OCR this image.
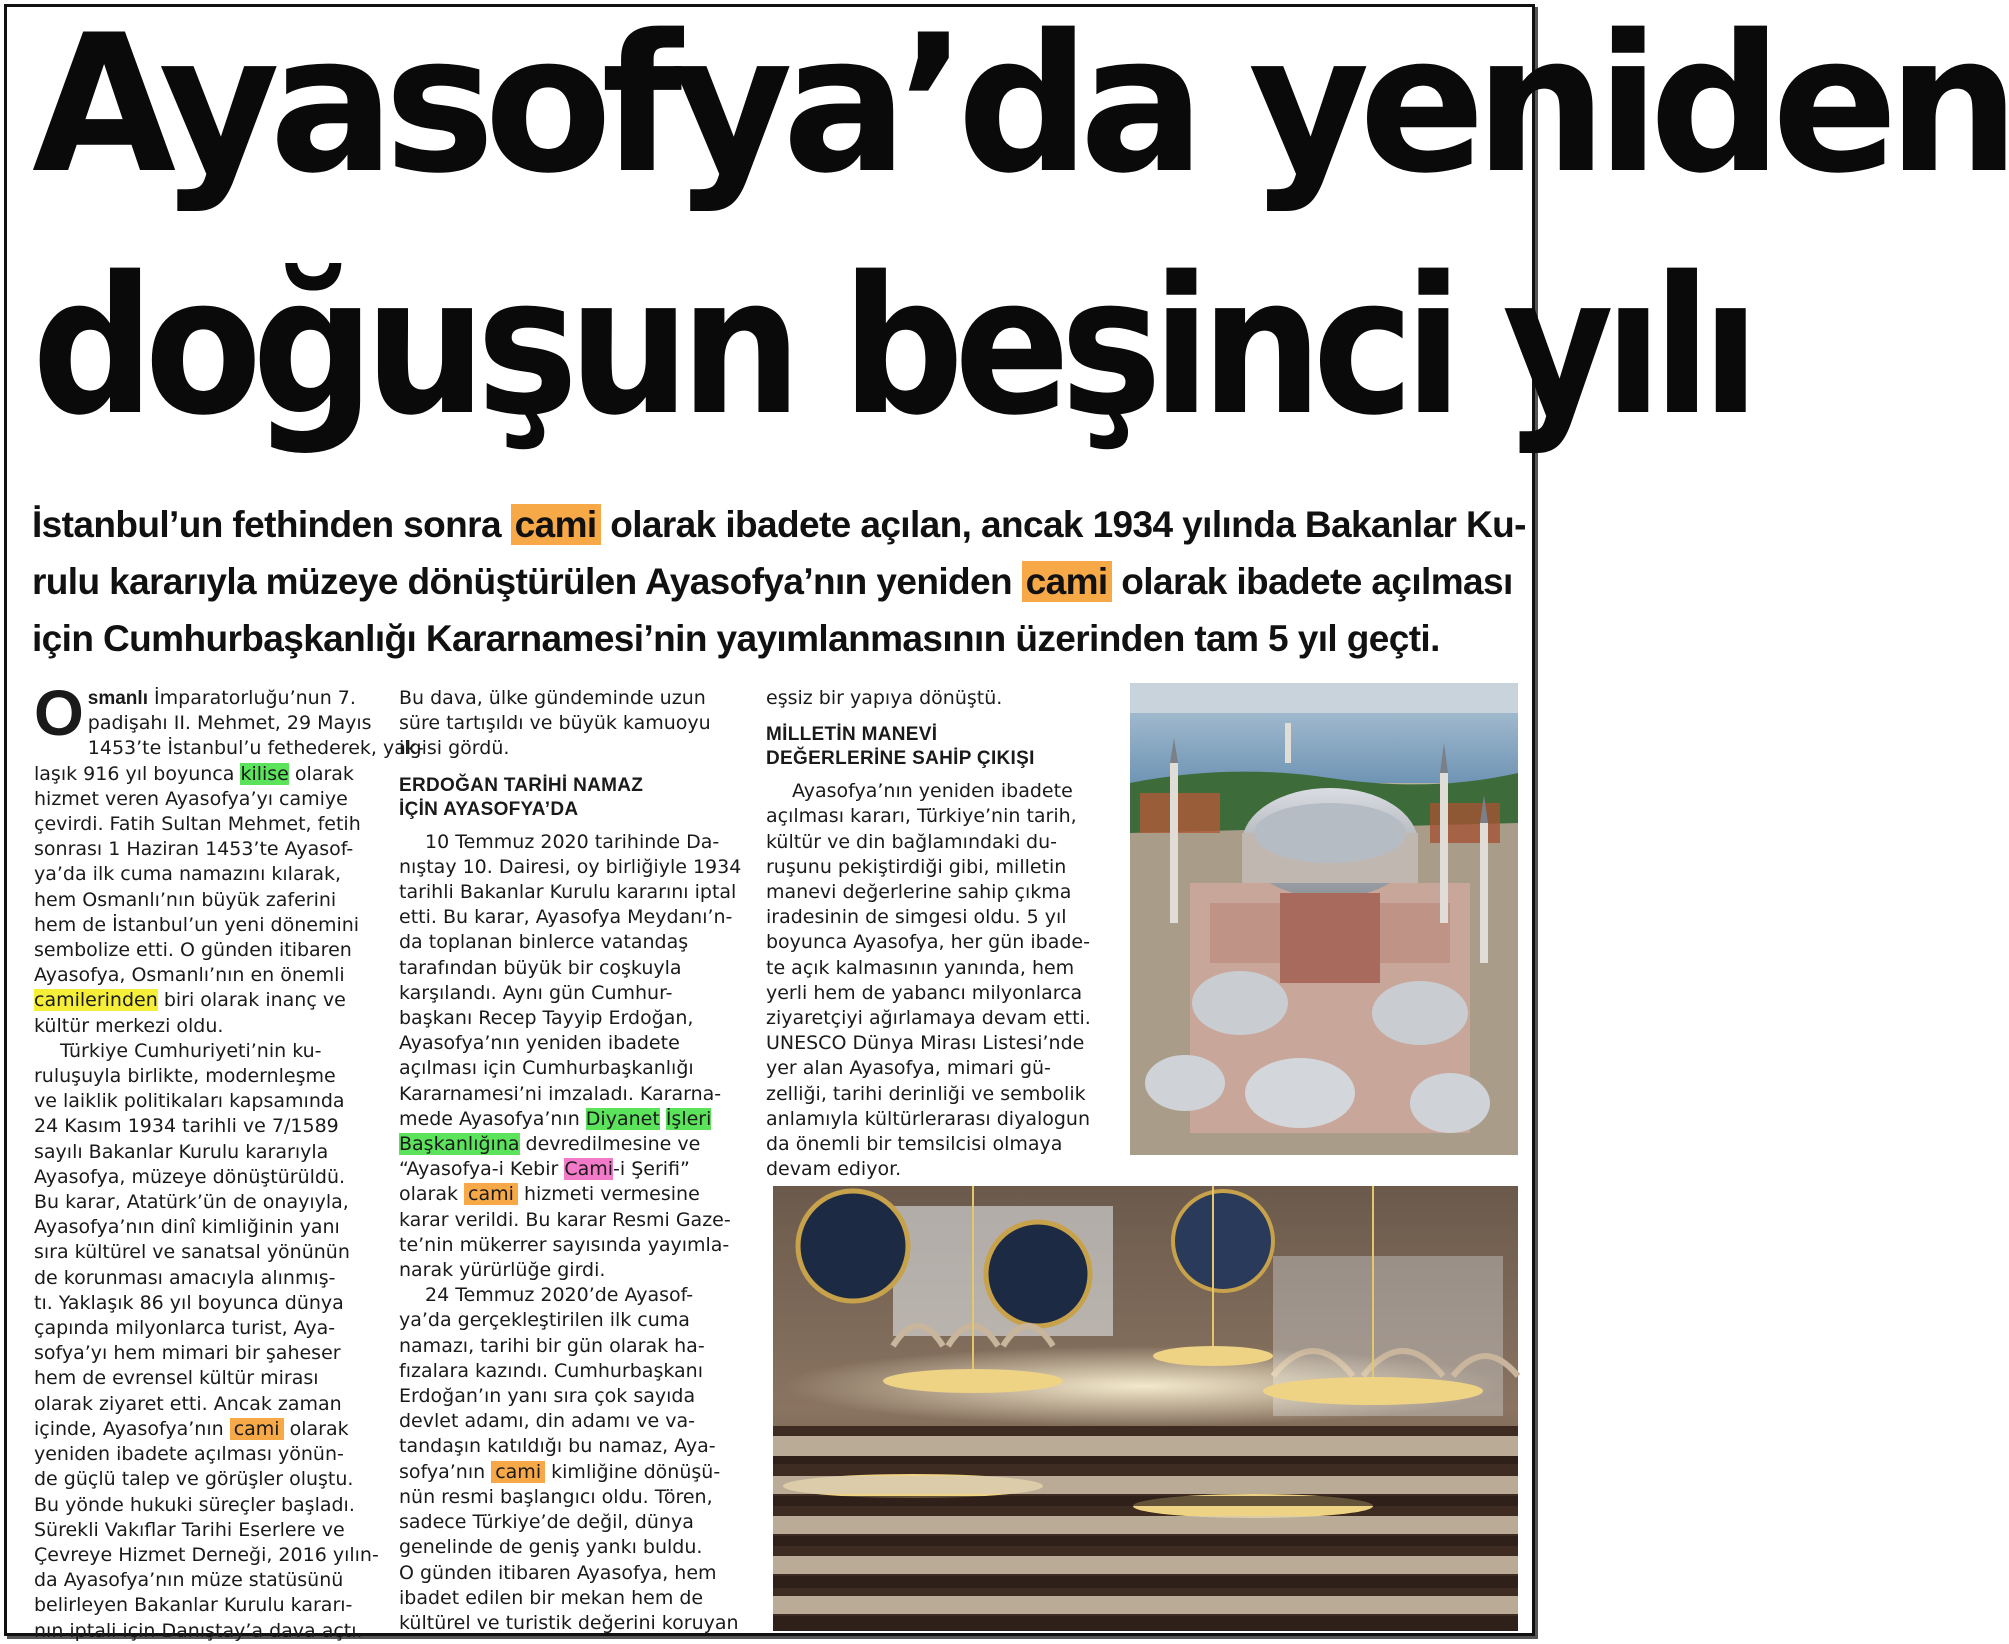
Ayasofya’da yeniden
doğuşun beşinci yılı
İstanbul’un fethinden sonra cami olarak ibadete açılan, ancak 1934 yılında Bakanlar Ku-
rulu kararıyla müzeye dönüştürülen Ayasofya’nın yeniden cami olarak ibadete açılması
için Cumhurbaşkanlığı Kararnamesi’nin yayımlanmasının üzerinden tam 5 yıl geçti.
O smanlı İmparatorluğu’nun 7.
padişahı II. Mehmet, 29 Mayıs
1453’te İstanbul’u fethederek, yak-
laşık 916 yıl boyunca kilise olarak
hizmet veren Ayasofya’yı camiye
çevirdi. Fatih Sultan Mehmet, fetih
sonrası 1 Haziran 1453’te Ayasof-
ya’da ilk cuma namazını kılarak,
hem Osmanlı’nın büyük zaferini
hem de İstanbul’un yeni dönemini
sembolize etti. O günden itibaren
Ayasofya, Osmanlı’nın en önemli
camilerinden biri olarak inanç ve
kültür merkezi oldu.
Türkiye Cumhuriyeti’nin ku-
ruluşuyla birlikte, modernleşme
ve laiklik politikaları kapsamında
24 Kasım 1934 tarihli ve 7/1589
sayılı Bakanlar Kurulu kararıyla
Ayasofya, müzeye dönüştürüldü.
Bu karar, Atatürk’ün de onayıyla,
Ayasofya’nın dinî kimliğinin yanı
sıra kültürel ve sanatsal yönünün
de korunması amacıyla alınmış-
tı. Yaklaşık 86 yıl boyunca dünya
çapında milyonlarca turist, Aya-
sofya’yı hem mimari bir şaheser
hem de evrensel kültür mirası
olarak ziyaret etti. Ancak zaman
içinde, Ayasofya’nın cami olarak
yeniden ibadete açılması yönün-
de güçlü talep ve görüşler oluştu.
Bu yönde hukuki süreçler başladı.
Sürekli Vakıflar Tarihi Eserlere ve
Çevreye Hizmet Derneği, 2016 yılın-
da Ayasofya’nın müze statüsünü
belirleyen Bakanlar Kurulu kararı-
nın iptali için Danıştay’a dava açtı.
Bu dava, ülke gündeminde uzun
süre tartışıldı ve büyük kamuoyu
ilgisi gördü.
ERDOĞAN TARİHİ NAMAZ
İÇİN AYASOFYA’DA
10 Temmuz 2020 tarihinde Da-
nıştay 10. Dairesi, oy birliğiyle 1934
tarihli Bakanlar Kurulu kararını iptal
etti. Bu karar, Ayasofya Meydanı’n-
da toplanan binlerce vatandaş
tarafından büyük bir coşkuyla
karşılandı. Aynı gün Cumhur-
başkanı Recep Tayyip Erdoğan,
Ayasofya’nın yeniden ibadete
açılması için Cumhurbaşkanlığı
Kararnamesi’ni imzaladı. Kararna-
mede Ayasofya’nın Diyanet İşleri
Başkanlığına devredilmesine ve
“Ayasofya-i Kebir Cami-i Şerifi”
olarak cami hizmeti vermesine
karar verildi. Bu karar Resmi Gaze-
te’nin mükerrer sayısında yayımla-
narak yürürlüğe girdi.
24 Temmuz 2020’de Ayasof-
ya’da gerçekleştirilen ilk cuma
namazı, tarihi bir gün olarak ha-
fızalara kazındı. Cumhurbaşkanı
Erdoğan’ın yanı sıra çok sayıda
devlet adamı, din adamı ve va-
tandaşın katıldığı bu namaz, Aya-
sofya’nın cami kimliğine dönüşü-
nün resmi başlangıcı oldu. Tören,
sadece Türkiye’de değil, dünya
genelinde de geniş yankı buldu.
O günden itibaren Ayasofya, hem
ibadet edilen bir mekan hem de
kültürel ve turistik değerini koruyan
eşsiz bir yapıya dönüştü.
MİLLETİN MANEVİ
DEĞERLERİNE SAHİP ÇIKIŞI
Ayasofya’nın yeniden ibadete
açılması kararı, Türkiye’nin tarih,
kültür ve din bağlamındaki du-
ruşunu pekiştirdiği gibi, milletin
manevi değerlerine sahip çıkma
iradesinin de simgesi oldu. 5 yıl
boyunca Ayasofya, her gün ibade-
te açık kalmasının yanında, hem
yerli hem de yabancı milyonlarca
ziyaretçiyi ağırlamaya devam etti.
UNESCO Dünya Mirası Listesi’nde
yer alan Ayasofya, mimari gü-
zelliği, tarihi derinliği ve sembolik
anlamıyla kültürlerarası diyalogun
da önemli bir temsilcisi olmaya
devam ediyor.
